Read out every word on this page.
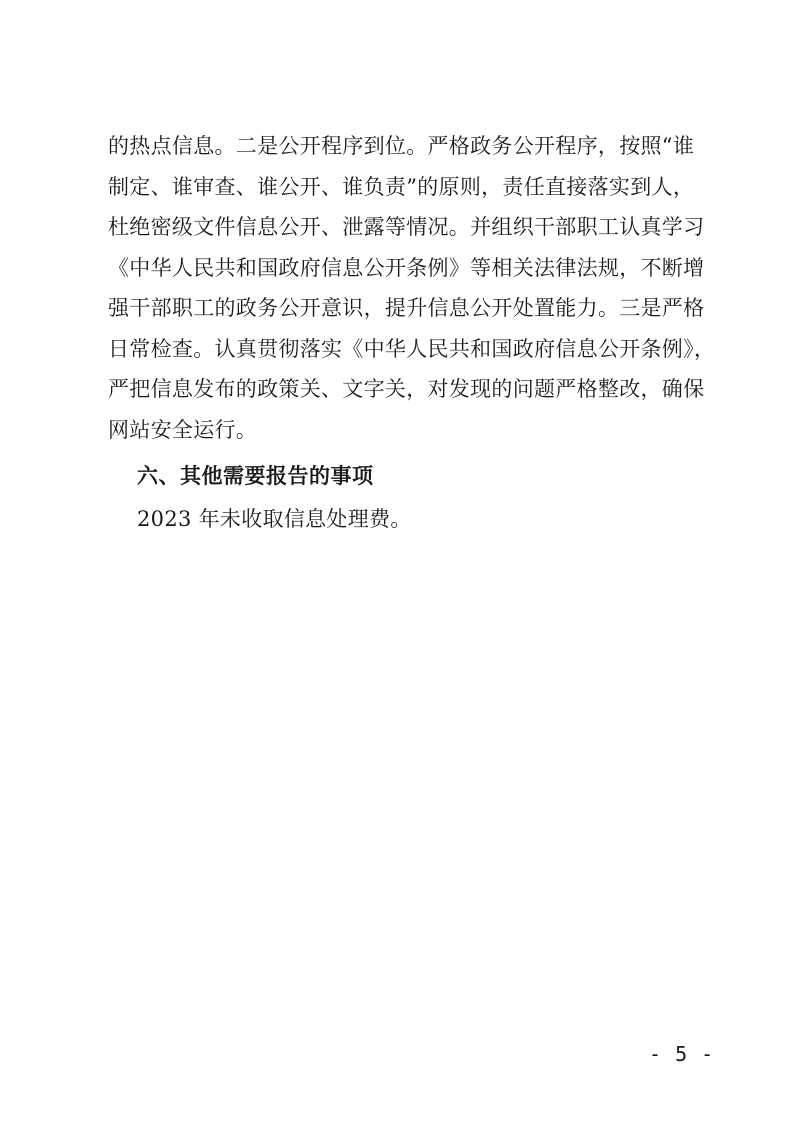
的热点信息。二是公开程序到位。严格政务公开程序，按照“谁
制定、谁审查、谁公开、谁负责”的原则，责任直接落实到人，
杜绝密级文件信息公开、泄露等情况。并组织干部职工认真学习
《中华人民共和国政府信息公开条例》等相关法律法规，不断增
强干部职工的政务公开意识，提升信息公开处置能力。三是严格
日常检查。认真贯彻落实《中华人民共和国政府信息公开条例》，
严把信息发布的政策关、文字关，对发现的问题严格整改，确保
网站安全运行。
六、其他需要报告的事项
2023 年未收取信息处理费。
- 5 -
